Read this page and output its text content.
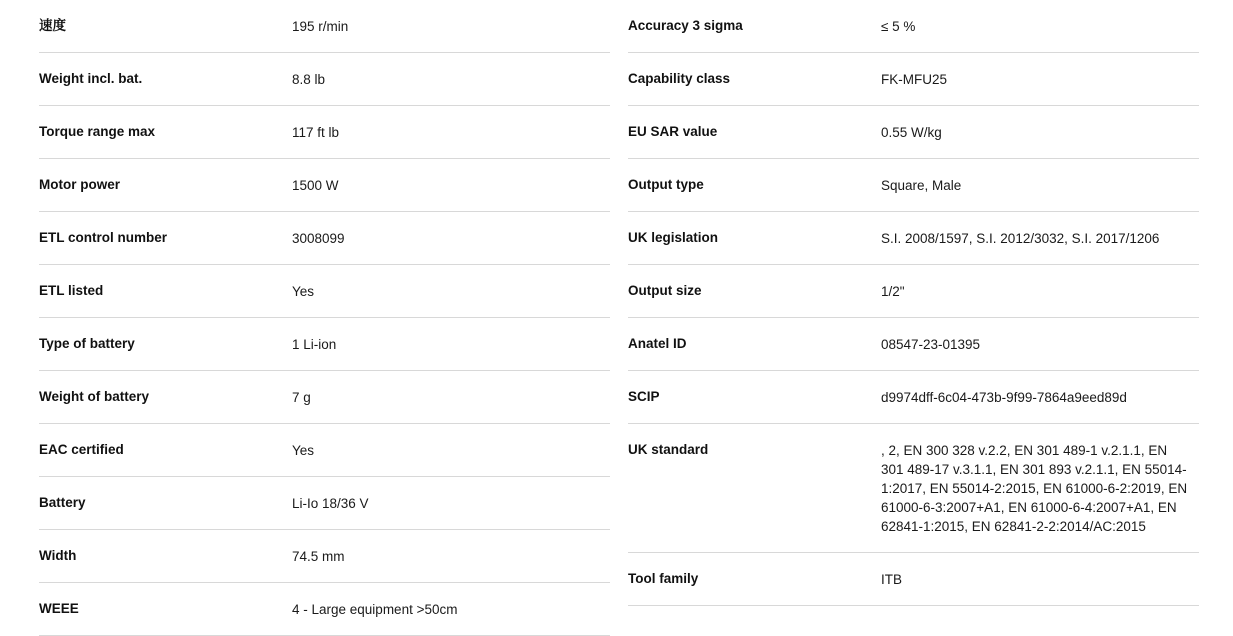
速度	195 r/min
Weight incl. bat.	8.8 lb
Torque range max	117 ft lb
Motor power	1500 W
ETL control number	3008099
ETL listed	Yes
Type of battery	1 Li-ion
Weight of battery	7 g
EAC certified	Yes
Battery	Li-Io 18/36 V
Width	74.5 mm
WEEE	4 - Large equipment >50cm
Accuracy 3 sigma	≤ 5 %
Capability class	FK-MFU25
EU SAR value	0.55 W/kg
Output type	Square, Male
UK legislation	S.I. 2008/1597, S.I. 2012/3032, S.I. 2017/1206
Output size	1/2"
Anatel ID	08547-23-01395
SCIP	d9974dff-6c04-473b-9f99-7864a9eed89d
UK standard	, 2, EN 300 328 v.2.2, EN 301 489-1 v.2.1.1, EN 301 489-17 v.3.1.1, EN 301 893 v.2.1.1, EN 55014-1:2017, EN 55014-2:2015, EN 61000-6-2:2019, EN 61000-6-3:2007+A1, EN 61000-6-4:2007+A1, EN 62841-1:2015, EN 62841-2-2:2014/AC:2015
Tool family	ITB
